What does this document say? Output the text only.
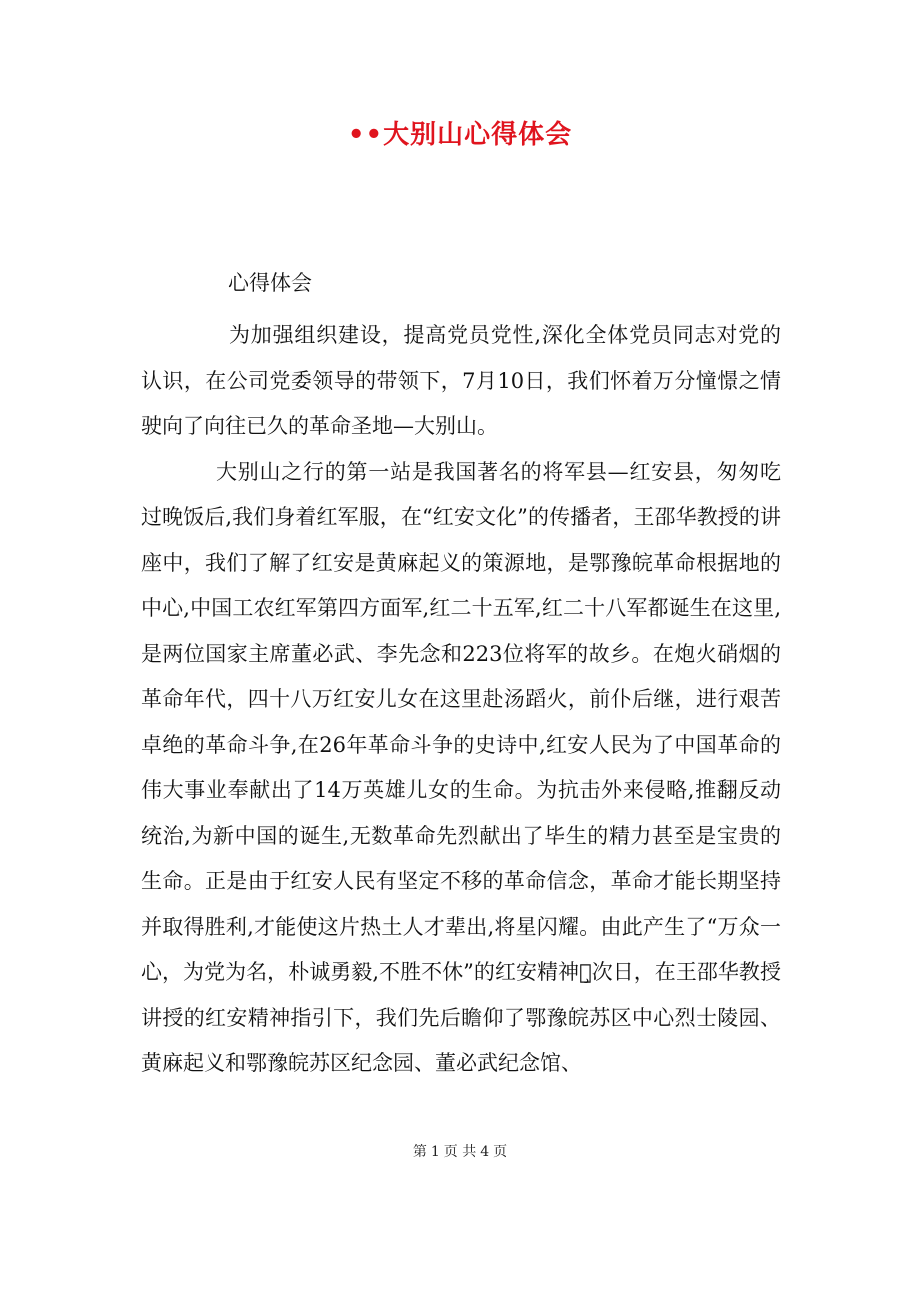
••大别山心得体会
心得体会

为加强组织建设，提高党员党性,深化全体党员同志对党的认识，在公司党委领导的带领下，7月10日，我们怀着万分憧憬之情驶向了向往已久的革命圣地—大别山。

大别山之行的第一站是我国著名的将军县—红安县，匆匆吃过晚饭后,我们身着红军服，在“红安文化”的传播者，王邵华教授的讲座中，我们了解了红安是黄麻起义的策源地，是鄂豫皖革命根据地的中心,中国工农红军第四方面军,红二十五军,红二十八军都诞生在这里,是两位国家主席董必武、李先念和223位将军的故乡。在炮火硝烟的革命年代，四十八万红安儿女在这里赴汤蹈火，前仆后继，进行艰苦卓绝的革命斗争,在26年革命斗争的史诗中,红安人民为了中国革命的伟大事业奉献出了14万英雄儿女的生命。为抗击外来侵略,推翻反动统治,为新中国的诞生,无数革命先烈献出了毕生的精力甚至是宝贵的生命。正是由于红安人民有坚定不移的革命信念，革命才能长期坚持并取得胜利,才能使这片热土人才辈出,将星闪耀。由此产生了“万众一心，为党为名，朴诚勇毅,不胜不休”的红安精神。̧次日，在王邵华教授讲授的红安精神指引下，我们先后瞻仰了鄂豫皖苏区中心烈士陵园、黄麻起义和鄂豫皖苏区纪念园、董必武纪念馆、

第 1 页 共 4 页
